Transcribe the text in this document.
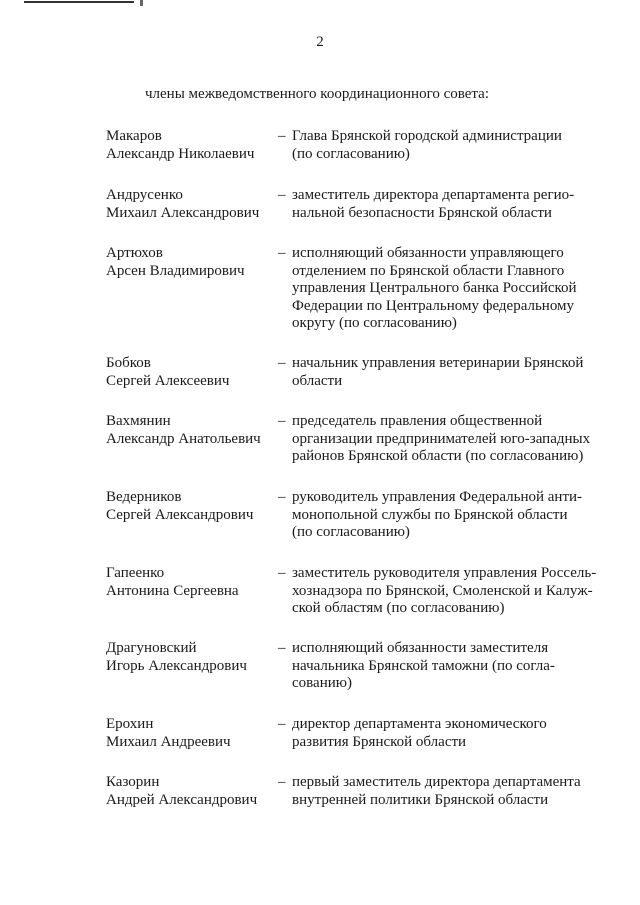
2
члены межведомственного координационного совета:
Макаров
Александр Николаевич
– Глава Брянской городской администрации
(по согласованию)
Андрусенко
Михаил Александрович
– заместитель директора департамента регио-
нальной безопасности Брянской области
Артюхов
Арсен Владимирович
– исполняющий обязанности управляющего
отделением по Брянской области Главного
управления Центрального банка Российской
Федерации по Центральному федеральному
округу (по согласованию)
Бобков
Сергей Алексеевич
– начальник управления ветеринарии Брянской
области
Вахмянин
Александр Анатольевич
– председатель правления общественной
организации предпринимателей юго-западных
районов Брянской области (по согласованию)
Ведерников
Сергей Александрович
– руководитель управления Федеральной анти-
монопольной службы по Брянской области
(по согласованию)
Гапеенко
Антонина Сергеевна
– заместитель руководителя управления Россель-
хознадзора по Брянской, Смоленской и Калуж-
ской областям (по согласованию)
Драгуновский
Игорь Александрович
– исполняющий обязанности заместителя
начальника Брянской таможни (по согла-
сованию)
Ерохин
Михаил Андреевич
– директор департамента экономического
развития Брянской области
Казорин
Андрей Александрович
– первый заместитель директора департамента
внутренней политики Брянской области
